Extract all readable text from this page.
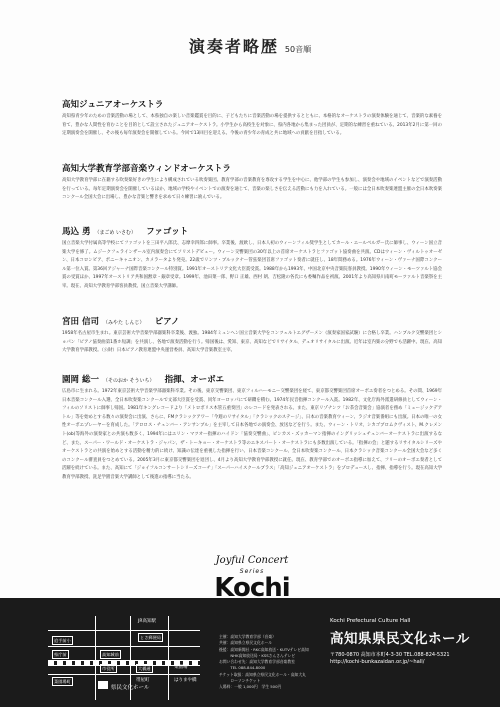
演奏者略歴 50音順
高知ジュニアオーケストラ

高知県青少年のための音楽活動の場として、本県独自の楽しい音楽鑑賞を目的に、子どもたちに音楽活動の場を提供するとともに、本格的なオーケストラの演奏体験を通じて、音楽的な素養を育て、豊かな人間性を育むことを目的として設立されたジュニアオーケストラ。小学生から高校生を対象に、県内各地から集まった団員が、定期的な練習を重ねている。2013年2月に第一回の定期演奏会を開催し、その後も毎年演奏会を開催している。今回で13回目を迎える。今後の青少年の育成と共に地域への貢献を目指している。

高知大学教育学部音楽ウィンドオーケストラ

高知大学教育学部に在籍する吹奏楽好きの学生により構成されている吹奏楽団。教育学部の音楽教育を専攻する学生を中心に、他学部の学生も参加し、演奏会や地域のイベントなどで演奏活動を行っている。毎年定期演奏会を開催しているほか、地域の学校やイベントでの演奏を通じて、音楽の楽しさを伝える活動にも力を入れている。一般には全日本吹奏楽連盟主催の全日本吹奏楽コンクール全国大会に出場し、豊かな音楽と響きを求めて日々練習に励んでいる。

馬込 勇 （まごめ いさむ） ファゴット

国立音楽大学付属高等学校にてファゴットを三田平八郎氏、志摩幸四郎に師事。卒業後、渡欧し、日本人初のウィーンフィル奨学生としてカール・エールベルガー氏に師事し、ウィーン国立音楽大学を修了。ムジークフェラインザール室内演奏会にてソリストデビュー。ウィーン交響楽団の30年以上の首席オーケストラとファゴット協奏曲を共演。CDはウィーン・ヴィルトゥオーゼン、日本コロンビア、ポニーキャニオン、カメラータより発売。22歳でリンツ・ブルックナー管弦楽団首席ファゴット奏者に就任し、18年間務める。1976年ウィーン・ヴァーナ国際コンクール第一位入賞。第36回アジャーナ国際音楽コンクール特別賞。1991年オーストリア文化大臣賞受賞。1988年から1993年、中国北京中央音楽院客員教授。1990年ウィーン・モーツァルト協会賞の受賞ほか、1997年オーストリア共和国勲章・銀章受章。1999年、池田菜一郎、野口 正雄、西村 朗、吉松隆の各氏にも委嘱作品を初演。2001年より高知県川南町モーツァルト音楽祭を主宰。現在、高知大学教育学部客員教授、国立音楽大学講師。

宮田 信司 （みやた しんじ） ピアノ

1958年名古屋市生まれ。東京芸術大学音楽学部器楽科卒業後、渡独。1984年ミュンヘン国立音楽大学をコンツェルトエグザーメン（演奏家国家試験）に合格し卒業。ハンブルク交響楽団とショパン「ピアノ協奏曲第1番ホ短調」を共演し、各地で演奏活動を行う。帰国後は、愛知、東京、高知などでリサイタル、デュオリサイタルに出演。近年は室内楽の分野でも活躍中。現在、高知大学教育学部教授。（公財）日本ピアノ教育連盟中央運営委員、高知大学音楽教室主宰。

園岡 総一 （そのおか そういち） 指揮、オーボエ

広島市に生まれる。1972年東京芸術大学音楽学部器楽科卒業。その後、東京交響楽団、東京フィルハーモニー交響楽団を経て、東京都交響楽団首席オーボエ奏者をつとめる。その間、1969年日本音楽コンクール入選、全日本吹奏楽コンクールで文部大臣賞を受賞、同年ヨーロッパにて研鑽を積む。1974年民音指揮コンクール入賞。1982年、文化庁海外派遣研修員としてウィーン・フィルのソリストに師事し帰国。1981年キングレコードより「メトロポリス木管五重奏団」のレコードを発表される。また、東京リゾナンツ「お茶会音楽会」協演者を務め「ミュージックデアトル」等を始めとする数々の演奏会に出演、さらに、FMクラシックアワー「今週のリサイタル」「クラシックのステージ」、日本の音楽教育ウィーン、ラジオ音楽番組にも出演。日本の唯一の女性オーボエプレーヤーを育成した。「アロロス・チェンバー・アンサンブル」を主宰して日本各地での演奏会、放送などを行う。また、ウィーン・トリオ、シカゴブロムクヴィスト、M.クレメント(ob)等海外の演奏家との共演も数多く、1994年にはエリン・マツオー指揮のハイドン「協奏交響曲」、ピンカス・ズッカーマン指揮のイングリッシュチェンバーオーケストラに出演するなど、また、スーパー・ワールド・オーケストラ・ジャパン、ザ・トーキョー・オーケストラ等のエキスパート・オーケストラにも多数出演している。「指揮の会」と題するリサイタルシリーズやオーケストラとの共演を始めとする活動を精力的に続け、知識の伝達を重視した指揮を行い、日本音楽コンクール、全日本吹奏楽コンクール、日本クラシック音楽コンクール全国大会など多くのコンクール審査員をつとめている。2005年3月に東京都交響楽団を退団し、4月より高知大学教育学部教授に就任。現在、教育学部でのオーボエ指導に加えて、フリーのオーボエ奏者として活躍を続けている。また、高知にて「ジョイフルコンサートシリーズコーチ」「スーパーハイスクールブラス」「高知ジュニアオーケストラ」をプロデュースし、指揮、指導を行う。現在高知大学教育学部教授、洗足学園音楽大学講師として後進の指導に当たる。

JR高知駅
はりまや橋
帯屋町
菜園場
とさ郵便局
追手前小
高知城前
県庁前
市役所	大橋通
菜園場町
県民文化ホール
Joyful Concert
Series
Kochi
主催：高知大学教育学部（音楽）
共催：高知県立県民文化ホール
後援：高知新聞社・RKC高知放送・KUTVテレビ高知
　　　NHK高知放送局・KSSさんさんテレビ
お問い合わせ先：高知大学教育学部音楽教室
　　　TEL 088-844-8000
チケット取扱：高知県立県民文化ホール・高知大丸
　　　ローソンチケット
入場料：一般 1,000円　学生 500円
Kochi Prefectural Culture Hall
高知県県民文化ホール
〒780-0870 高知市本町4-3-30 TEL.088-824-5321
http://kochi-bunkazaidan.or.jp/~hall/
